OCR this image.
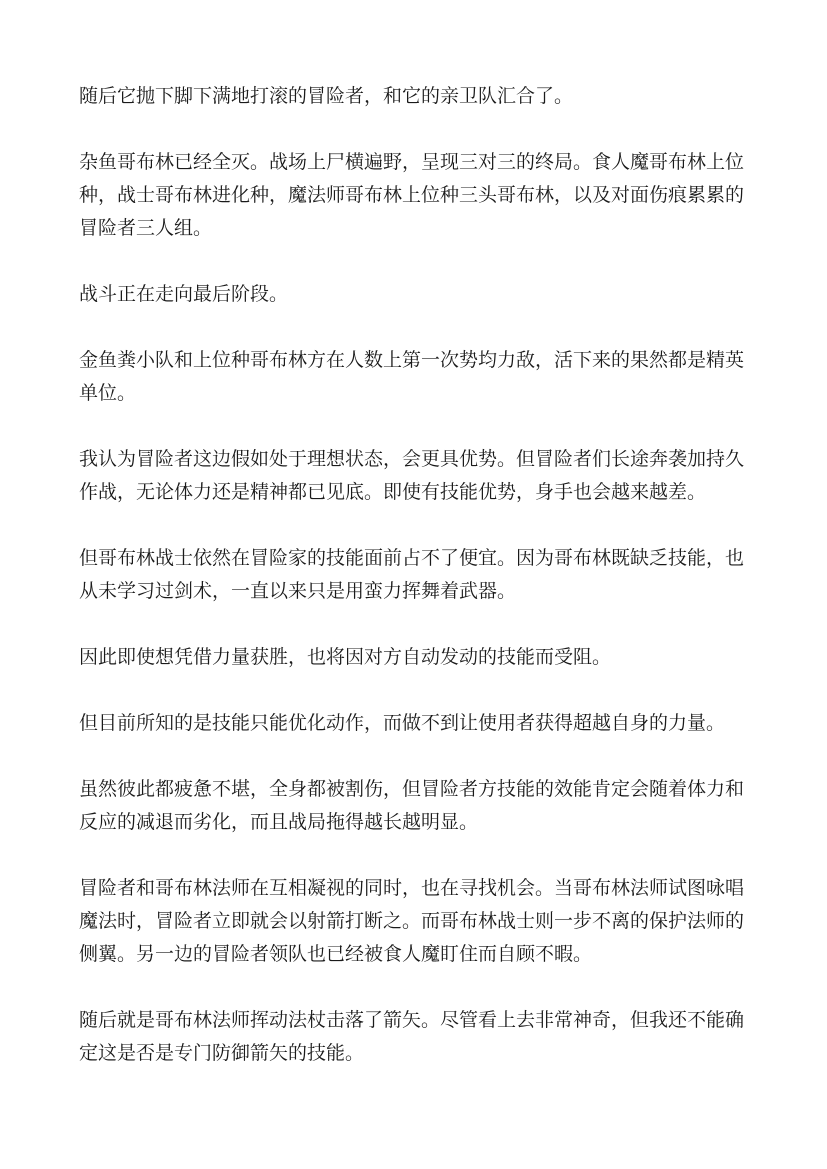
随后它抛下脚下满地打滚的冒险者，和它的亲卫队汇合了。

杂鱼哥布林已经全灭。战场上尸横遍野，呈现三对三的终局。食人魔哥布林上位种，战士哥布林进化种，魔法师哥布林上位种三头哥布林，以及对面伤痕累累的冒险者三人组。

战斗正在走向最后阶段。

金鱼粪小队和上位种哥布林方在人数上第一次势均力敌，活下来的果然都是精英单位。

我认为冒险者这边假如处于理想状态，会更具优势。但冒险者们长途奔袭加持久作战，无论体力还是精神都已见底。即使有技能优势，身手也会越来越差。

但哥布林战士依然在冒险家的技能面前占不了便宜。因为哥布林既缺乏技能，也从未学习过剑术，一直以来只是用蛮力挥舞着武器。

因此即使想凭借力量获胜，也将因对方自动发动的技能而受阻。

但目前所知的是技能只能优化动作，而做不到让使用者获得超越自身的力量。

虽然彼此都疲惫不堪，全身都被割伤，但冒险者方技能的效能肯定会随着体力和反应的减退而劣化，而且战局拖得越长越明显。

冒险者和哥布林法师在互相凝视的同时，也在寻找机会。当哥布林法师试图咏唱魔法时，冒险者立即就会以射箭打断之。而哥布林战士则一步不离的保护法师的侧翼。另一边的冒险者领队也已经被食人魔盯住而自顾不暇。

随后就是哥布林法师挥动法杖击落了箭矢。尽管看上去非常神奇，但我还不能确定这是否是专门防御箭矢的技能。
